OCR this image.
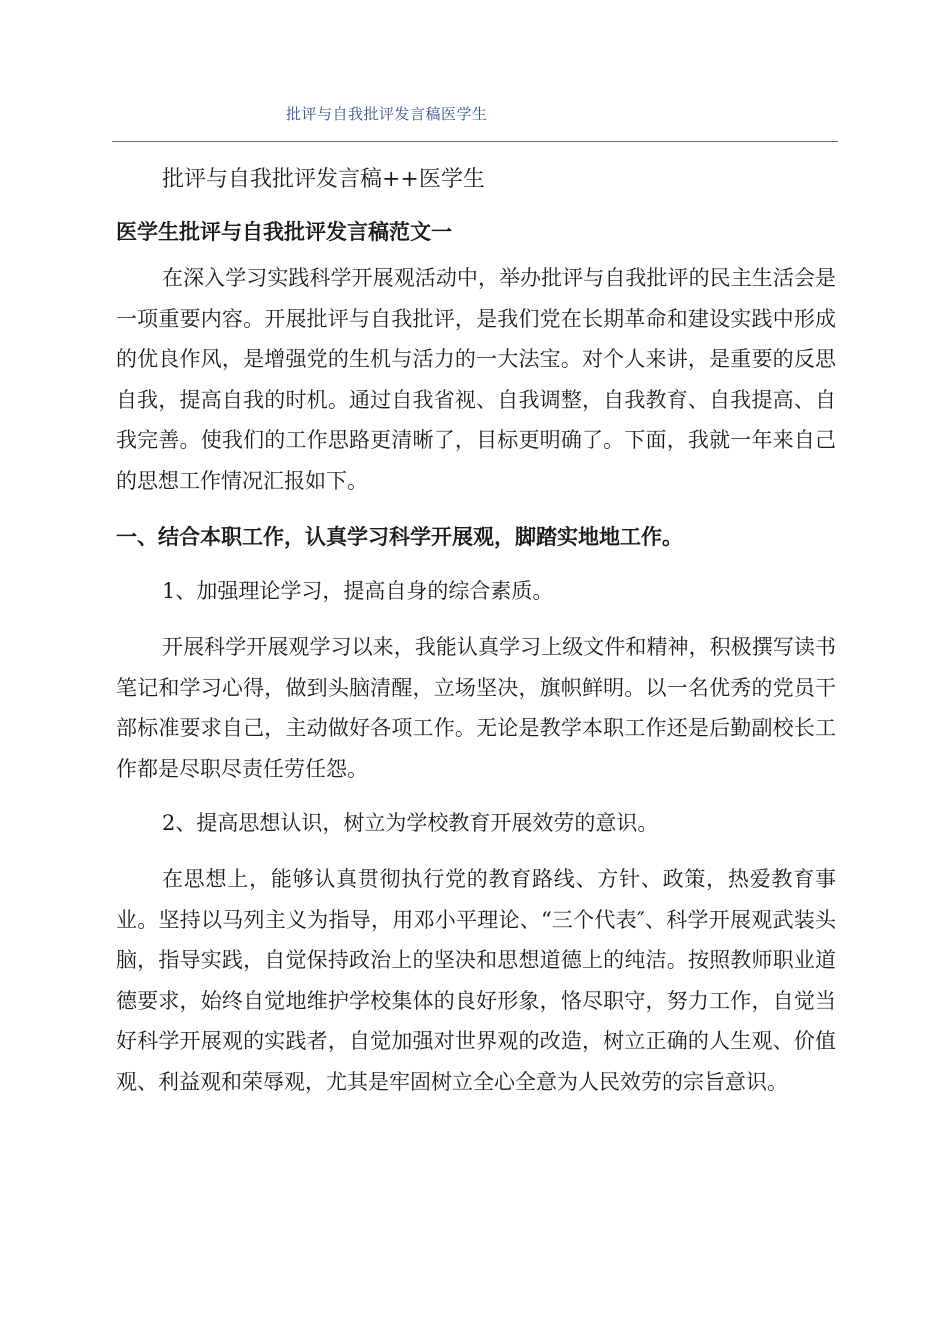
批评与自我批评发言稿医学生
批评与自我批评发言稿++医学生
医学生批评与自我批评发言稿范文一

在深入学习实践科学开展观活动中，举办批评与自我批评的民主生活会是一项重要内容。开展批评与自我批评，是我们党在长期革命和建设实践中形成的优良作风，是增强党的生机与活力的一大法宝。对个人来讲，是重要的反思自我，提高自我的时机。通过自我省视、自我调整，自我教育、自我提高、自我完善。使我们的工作思路更清晰了，目标更明确了。下面，我就一年来自己的思想工作情况汇报如下。

一、结合本职工作，认真学习科学开展观，脚踏实地地工作。
1、加强理论学习，提高自身的综合素质。

开展科学开展观学习以来，我能认真学习上级文件和精神，积极撰写读书笔记和学习心得，做到头脑清醒，立场坚决，旗帜鲜明。以一名优秀的党员干部标准要求自己，主动做好各项工作。无论是教学本职工作还是后勤副校长工作都是尽职尽责任劳任怨。

2、提高思想认识，树立为学校教育开展效劳的意识。

在思想上，能够认真贯彻执行党的教育路线、方针、政策，热爱教育事业。坚持以马列主义为指导，用邓小平理论、“三个代表″、科学开展观武装头脑，指导实践，自觉保持政治上的坚决和思想道德上的纯洁。按照教师职业道德要求，始终自觉地维护学校集体的良好形象，恪尽职守，努力工作，自觉当好科学开展观的实践者，自觉加强对世界观的改造，树立正确的人生观、价值观、利益观和荣辱观，尤其是牢固树立全心全意为人民效劳的宗旨意识。
